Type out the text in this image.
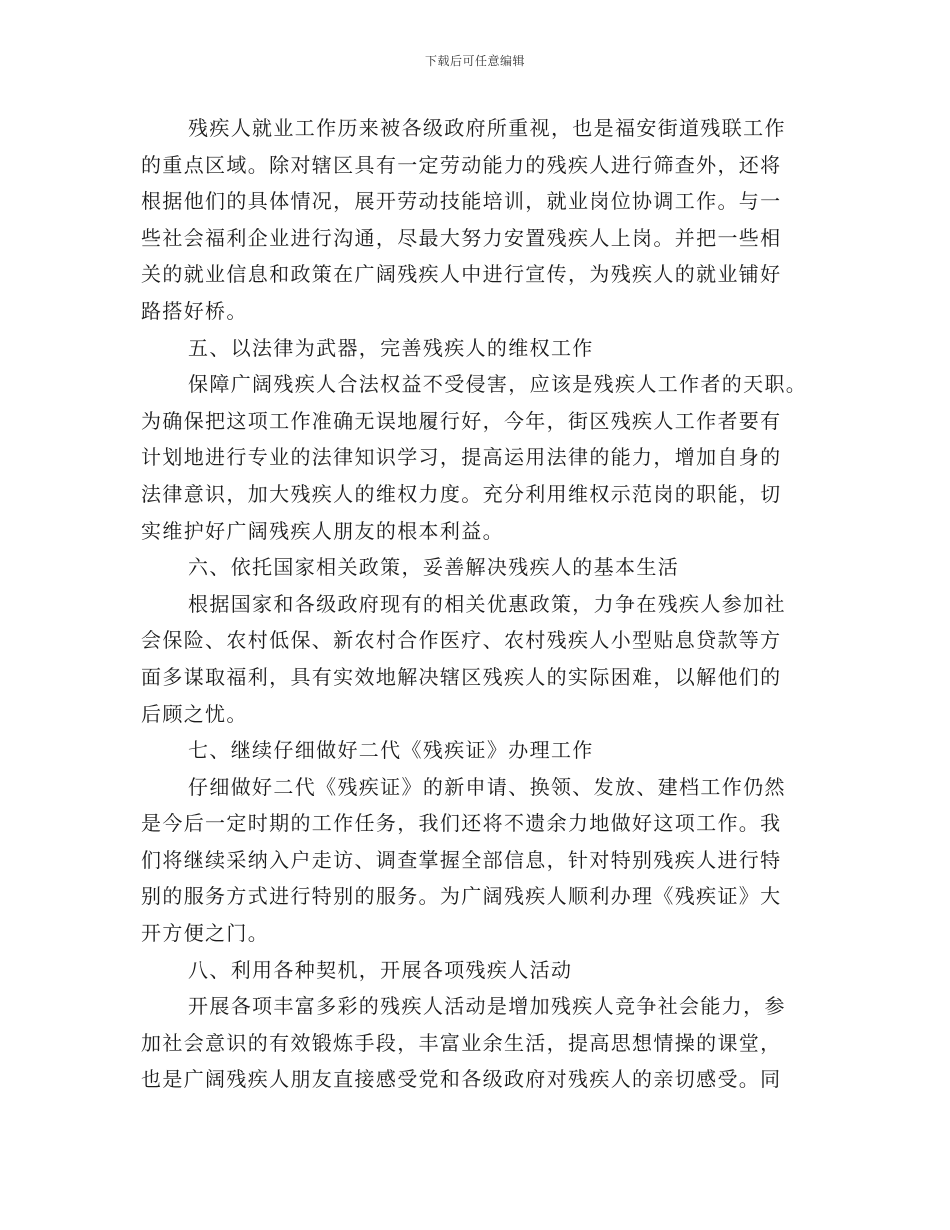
下载后可任意编辑
残疾人就业工作历来被各级政府所重视，也是福安街道残联工作
的重点区域。除对辖区具有一定劳动能力的残疾人进行筛查外，还将
根据他们的具体情况，展开劳动技能培训，就业岗位协调工作。与一
些社会福利企业进行沟通，尽最大努力安置残疾人上岗。并把一些相
关的就业信息和政策在广阔残疾人中进行宣传，为残疾人的就业铺好
路搭好桥。
五、以法律为武器，完善残疾人的维权工作
保障广阔残疾人合法权益不受侵害，应该是残疾人工作者的天职。
为确保把这项工作准确无误地履行好，今年，街区残疾人工作者要有
计划地进行专业的法律知识学习，提高运用法律的能力，增加自身的
法律意识，加大残疾人的维权力度。充分利用维权示范岗的职能，切
实维护好广阔残疾人朋友的根本利益。
六、依托国家相关政策，妥善解决残疾人的基本生活
根据国家和各级政府现有的相关优惠政策，力争在残疾人参加社
会保险、农村低保、新农村合作医疗、农村残疾人小型贴息贷款等方
面多谋取福利，具有实效地解决辖区残疾人的实际困难，以解他们的
后顾之忧。
七、继续仔细做好二代《残疾证》办理工作
仔细做好二代《残疾证》的新申请、换领、发放、建档工作仍然
是今后一定时期的工作任务，我们还将不遗余力地做好这项工作。我
们将继续采纳入户走访、调查掌握全部信息，针对特别残疾人进行特
别的服务方式进行特别的服务。为广阔残疾人顺利办理《残疾证》大
开方便之门。
八、利用各种契机，开展各项残疾人活动
开展各项丰富多彩的残疾人活动是增加残疾人竞争社会能力，参
加社会意识的有效锻炼手段，丰富业余生活，提高思想情操的课堂，
也是广阔残疾人朋友直接感受党和各级政府对残疾人的亲切感受。同
